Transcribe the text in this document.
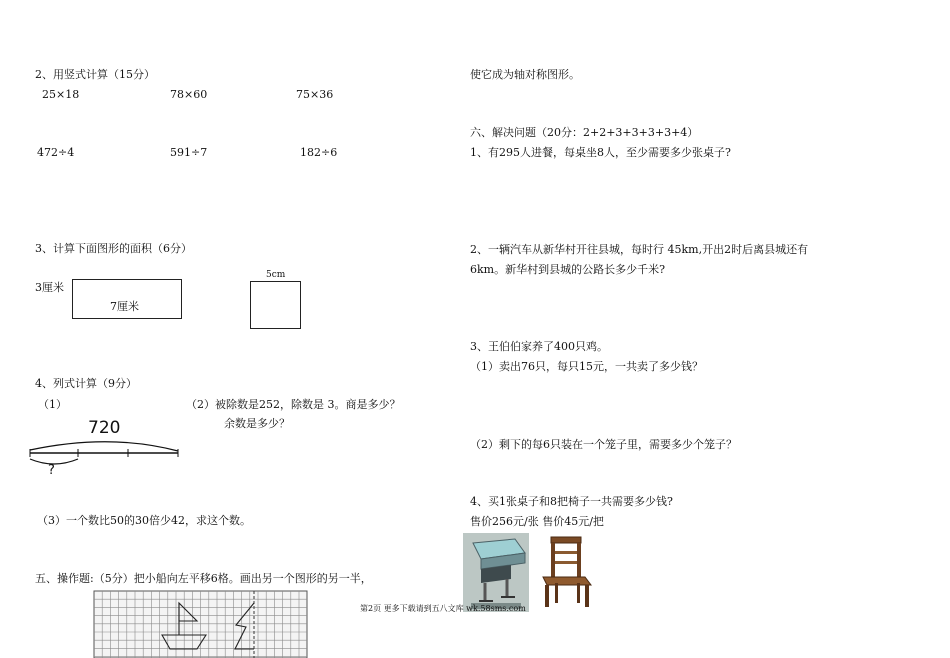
2、用竖式计算（15分）
25×18	78×60	75×36
472÷4	591÷7	182÷6
3、计算下面图形的面积（6分）
3厘米
7厘米
5cm
4、列式计算（9分）
（1）	（2）被除数是252，除数是 3。商是多少？
余数是多少？
720
?
（3）一个数比50的30倍少42，求这个数。
五、操作题:（5分）把小船向左平移6格。画出另一个图形的另一半，
使它成为轴对称图形。
六、解决问题（20分：2+2+3+3+3+3+4）
1、有295人进餐，每桌坐8人，至少需要多少张桌子?
2、一辆汽车从新华村开往县城，每时行 45km,开出2时后离县城还有
6km。新华村到县城的公路长多少千米?
3、王伯伯家养了400只鸡。
（1）卖出76只，每只15元，一共卖了多少钱？
（2）剩下的每6只装在一个笼子里，需要多少个笼子？
4、买1张桌子和8把椅子一共需要多少钱?
售价256元/张 售价45元/把
第2页 更多下载请到五八文库 wk.58sms.com
